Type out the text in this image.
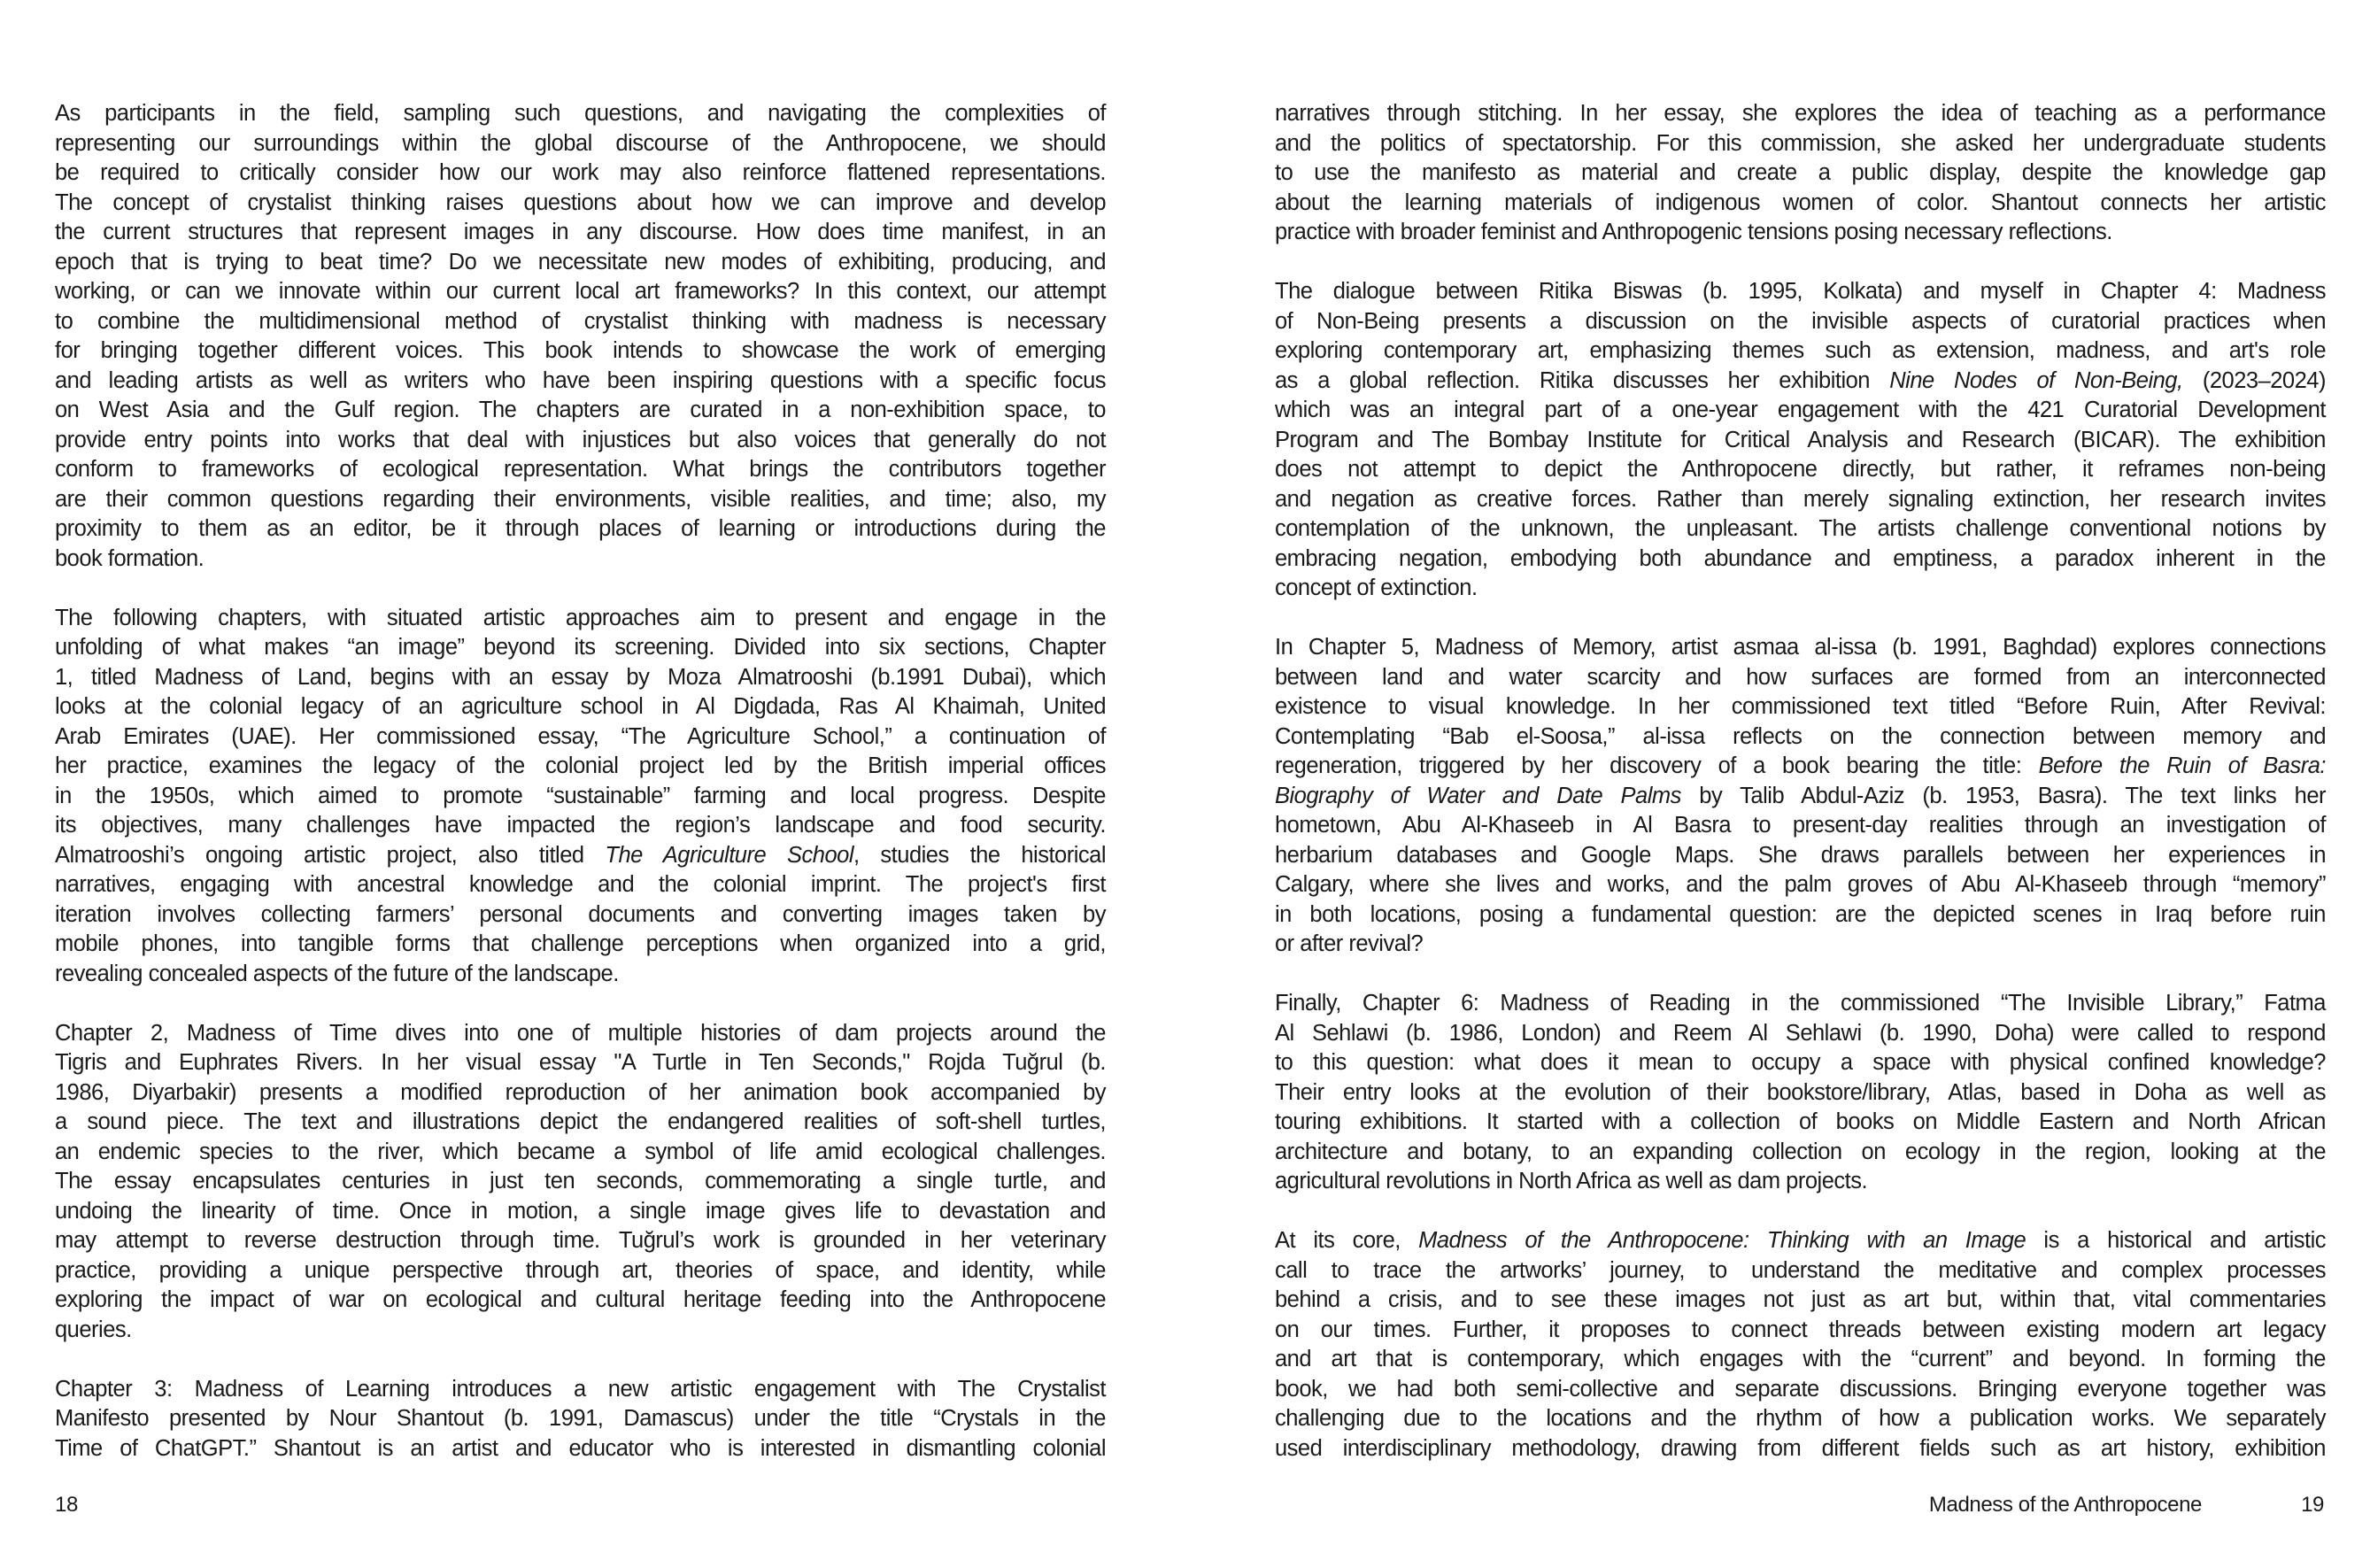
As participants in the field, sampling such questions, and navigating the complexities of
representing our surroundings within the global discourse of the Anthropocene, we should
be required to critically consider how our work may also reinforce flattened representations.
The concept of crystalist thinking raises questions about how we can improve and develop
the current structures that represent images in any discourse. How does time manifest, in an
epoch that is trying to beat time? Do we necessitate new modes of exhibiting, producing, and
working, or can we innovate within our current local art frameworks? In this context, our attempt
to combine the multidimensional method of crystalist thinking with madness is necessary
for bringing together different voices. This book intends to showcase the work of emerging
and leading artists as well as writers who have been inspiring questions with a specific focus
on West Asia and the Gulf region. The chapters are curated in a non-exhibition space, to
provide entry points into works that deal with injustices but also voices that generally do not
conform to frameworks of ecological representation. What brings the contributors together
are their common questions regarding their environments, visible realities, and time; also, my
proximity to them as an editor, be it through places of learning or introductions during the
book formation.
The following chapters, with situated artistic approaches aim to present and engage in the
unfolding of what makes “an image” beyond its screening. Divided into six sections, Chapter
1, titled Madness of Land, begins with an essay by Moza Almatrooshi (b.1991 Dubai), which
looks at the colonial legacy of an agriculture school in Al Digdada, Ras Al Khaimah, United
Arab Emirates (UAE). Her commissioned essay, “The Agriculture School,” a continuation of
her practice, examines the legacy of the colonial project led by the British imperial offices
in the 1950s, which aimed to promote “sustainable” farming and local progress. Despite
its objectives, many challenges have impacted the region’s landscape and food security.
Almatrooshi’s ongoing artistic project, also titled The Agriculture School, studies the historical
narratives, engaging with ancestral knowledge and the colonial imprint. The project's first
iteration involves collecting farmers’ personal documents and converting images taken by
mobile phones, into tangible forms that challenge perceptions when organized into a grid,
revealing concealed aspects of the future of the landscape.
Chapter 2, Madness of Time dives into one of multiple histories of dam projects around the
Tigris and Euphrates Rivers. In her visual essay "A Turtle in Ten Seconds," Rojda Tuğrul (b.
1986, Diyarbakir) presents a modified reproduction of her animation book accompanied by
a sound piece. The text and illustrations depict the endangered realities of soft-shell turtles,
an endemic species to the river, which became a symbol of life amid ecological challenges.
The essay encapsulates centuries in just ten seconds, commemorating a single turtle, and
undoing the linearity of time. Once in motion, a single image gives life to devastation and
may attempt to reverse destruction through time. Tuğrul’s work is grounded in her veterinary
practice, providing a unique perspective through art, theories of space, and identity, while
exploring the impact of war on ecological and cultural heritage feeding into the Anthropocene
queries.
Chapter 3: Madness of Learning introduces a new artistic engagement with The Crystalist
Manifesto presented by Nour Shantout (b. 1991, Damascus) under the title “Crystals in the
Time of ChatGPT.” Shantout is an artist and educator who is interested in dismantling colonial
narratives through stitching. In her essay, she explores the idea of teaching as a performance
and the politics of spectatorship. For this commission, she asked her undergraduate students
to use the manifesto as material and create a public display, despite the knowledge gap
about the learning materials of indigenous women of color. Shantout connects her artistic
practice with broader feminist and Anthropogenic tensions posing necessary reflections.
The dialogue between Ritika Biswas (b. 1995, Kolkata) and myself in Chapter 4: Madness
of Non-Being presents a discussion on the invisible aspects of curatorial practices when
exploring contemporary art, emphasizing themes such as extension, madness, and art's role
as a global reflection. Ritika discusses her exhibition Nine Nodes of Non-Being, (2023–2024)
which was an integral part of a one-year engagement with the 421 Curatorial Development
Program and The Bombay Institute for Critical Analysis and Research (BICAR). The exhibition
does not attempt to depict the Anthropocene directly, but rather, it reframes non-being
and negation as creative forces. Rather than merely signaling extinction, her research invites
contemplation of the unknown, the unpleasant. The artists challenge conventional notions by
embracing negation, embodying both abundance and emptiness, a paradox inherent in the
concept of extinction.
In Chapter 5, Madness of Memory, artist asmaa al-issa (b. 1991, Baghdad) explores connections
between land and water scarcity and how surfaces are formed from an interconnected
existence to visual knowledge. In her commissioned text titled “Before Ruin, After Revival:
Contemplating “Bab el-Soosa,” al-issa reflects on the connection between memory and
regeneration, triggered by her discovery of a book bearing the title: Before the Ruin of Basra:
Biography of Water and Date Palms by Talib Abdul-Aziz (b. 1953, Basra). The text links her
hometown, Abu Al-Khaseeb in Al Basra to present-day realities through an investigation of
herbarium databases and Google Maps. She draws parallels between her experiences in
Calgary, where she lives and works, and the palm groves of Abu Al-Khaseeb through “memory”
in both locations, posing a fundamental question: are the depicted scenes in Iraq before ruin
or after revival?
Finally, Chapter 6: Madness of Reading in the commissioned “The Invisible Library,” Fatma
Al Sehlawi (b. 1986, London) and Reem Al Sehlawi (b. 1990, Doha) were called to respond
to this question: what does it mean to occupy a space with physical confined knowledge?
Their entry looks at the evolution of their bookstore/library, Atlas, based in Doha as well as
touring exhibitions. It started with a collection of books on Middle Eastern and North African
architecture and botany, to an expanding collection on ecology in the region, looking at the
agricultural revolutions in North Africa as well as dam projects.
At its core, Madness of the Anthropocene: Thinking with an Image is a historical and artistic
call to trace the artworks’ journey, to understand the meditative and complex processes
behind a crisis, and to see these images not just as art but, within that, vital commentaries
on our times. Further, it proposes to connect threads between existing modern art legacy
and art that is contemporary, which engages with the “current” and beyond. In forming the
book, we had both semi-collective and separate discussions. Bringing everyone together was
challenging due to the locations and the rhythm of how a publication works. We separately
used interdisciplinary methodology, drawing from different fields such as art history, exhibition
18	Madness of the Anthropocene	19
